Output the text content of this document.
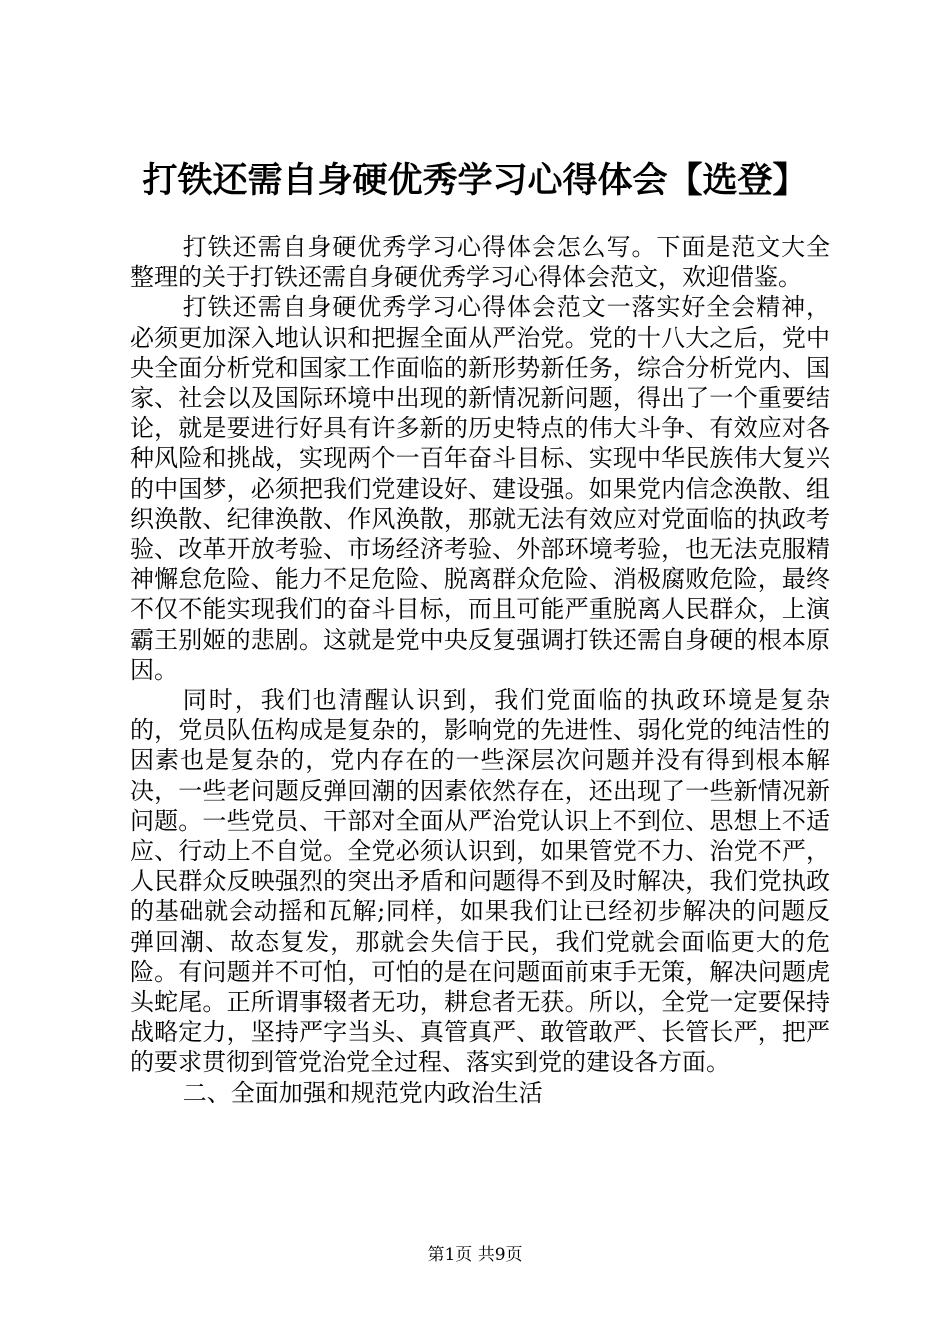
打铁还需自身硬优秀学习心得体会【选登】

打铁还需自身硬优秀学习心得体会怎么写。下面是范文大全整理的关于打铁还需自身硬优秀学习心得体会范文，欢迎借鉴。

打铁还需自身硬优秀学习心得体会范文一落实好全会精神，必须更加深入地认识和把握全面从严治党。党的十八大之后，党中央全面分析党和国家工作面临的新形势新任务，综合分析党内、国家、社会以及国际环境中出现的新情况新问题，得出了一个重要结论，就是要进行好具有许多新的历史特点的伟大斗争、有效应对各种风险和挑战，实现两个一百年奋斗目标、实现中华民族伟大复兴的中国梦，必须把我们党建设好、建设强。如果党内信念涣散、组织涣散、纪律涣散、作风涣散，那就无法有效应对党面临的执政考验、改革开放考验、市场经济考验、外部环境考验，也无法克服精神懈怠危险、能力不足危险、脱离群众危险、消极腐败危险，最终不仅不能实现我们的奋斗目标，而且可能严重脱离人民群众，上演霸王别姬的悲剧。这就是党中央反复强调打铁还需自身硬的根本原因。

同时，我们也清醒认识到，我们党面临的执政环境是复杂的，党员队伍构成是复杂的，影响党的先进性、弱化党的纯洁性的因素也是复杂的，党内存在的一些深层次问题并没有得到根本解决，一些老问题反弹回潮的因素依然存在，还出现了一些新情况新问题。一些党员、干部对全面从严治党认识上不到位、思想上不适应、行动上不自觉。全党必须认识到，如果管党不力、治党不严，人民群众反映强烈的突出矛盾和问题得不到及时解决，我们党执政的基础就会动摇和瓦解;同样，如果我们让已经初步解决的问题反弹回潮、故态复发，那就会失信于民，我们党就会面临更大的危险。有问题并不可怕，可怕的是在问题面前束手无策，解决问题虎头蛇尾。正所谓事辍者无功，耕怠者无获。所以，全党一定要保持战略定力，坚持严字当头、真管真严、敢管敢严、长管长严，把严的要求贯彻到管党治党全过程、落实到党的建设各方面。

二、全面加强和规范党内政治生活

第1页 共9页
